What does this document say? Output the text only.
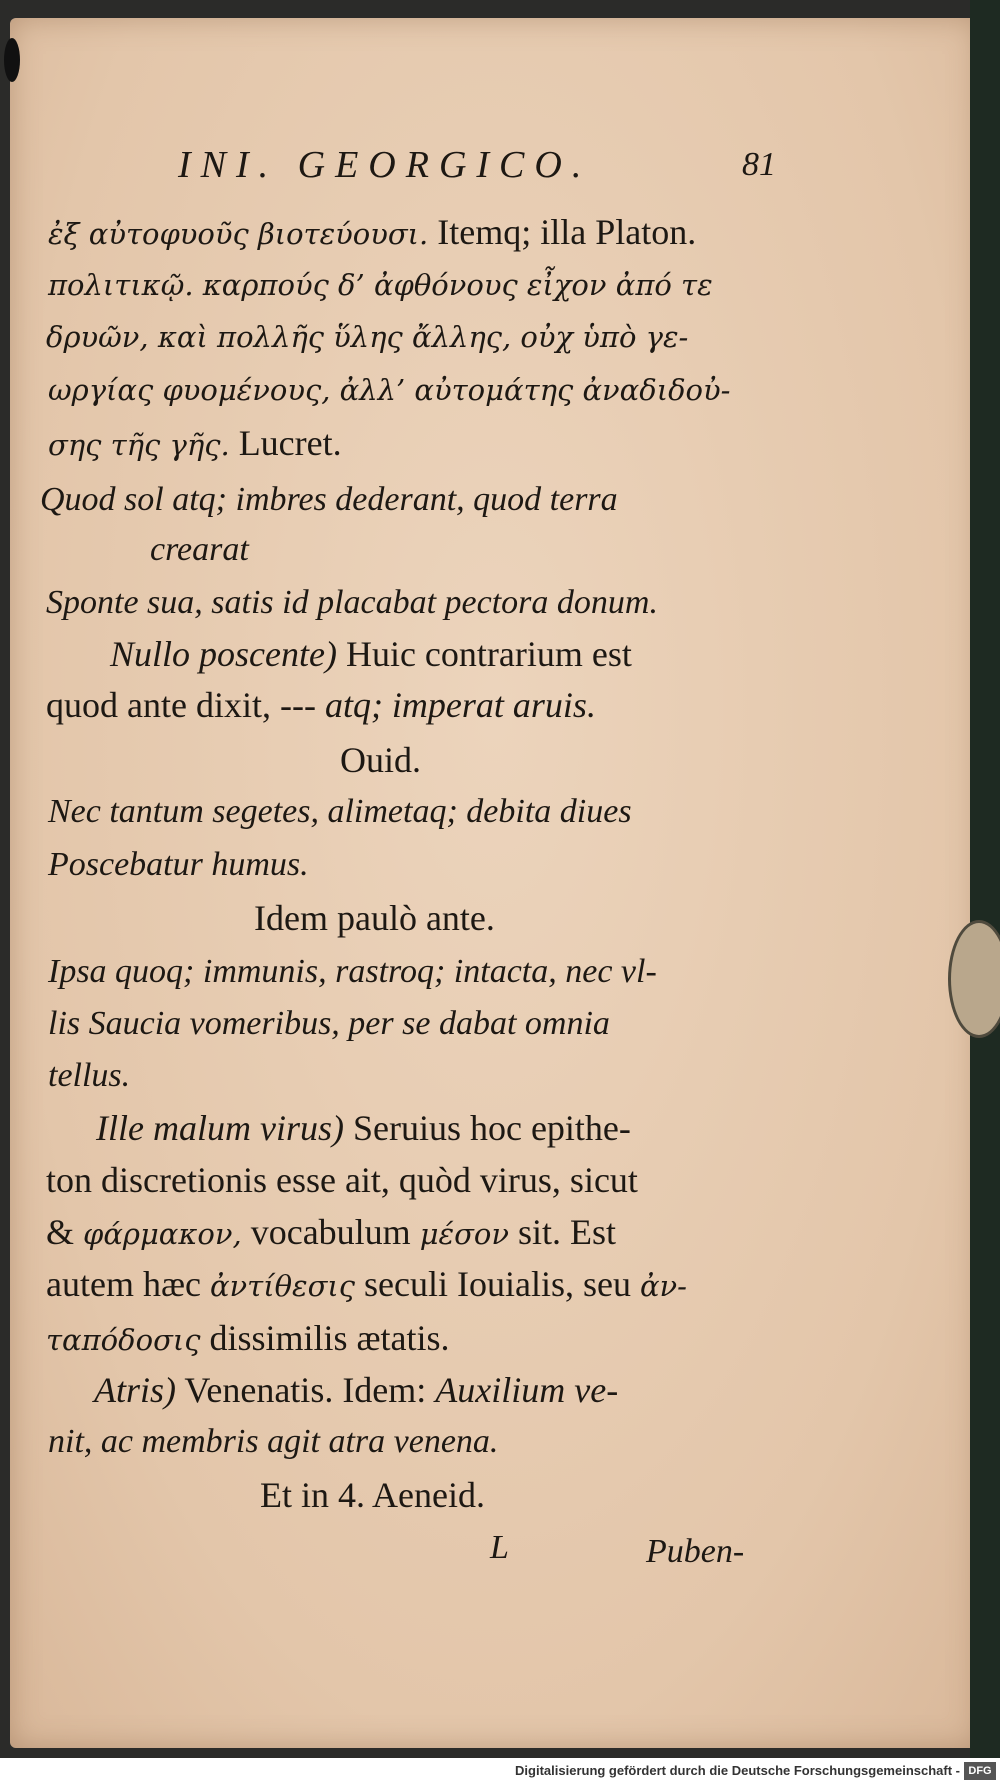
INI. GEORGICO.	81
ἐξ αὐτοφυοῦς βιοτεύουσι. Itemq; illa Platon.
πολιτικῷ. καρπούς δ’ ἀφθόνους εἶχον ἀπό τε
δρυῶν, καὶ πολλῆς ὕλης ἄλλης, οὐχ ὑπὸ γε-
ωργίας φυομένους, ἀλλ’ αὐτομάτης ἀναδιδοὐ-
σης τῆς γῆς. Lucret.
Quod sol atq; imbres dederant, quod terra
crearat
Sponte sua, satis id placabat pectora donum.
Nullo poscente) Huic contrarium est
quod ante dixit, --- atq; imperat aruis.
Ouid.
Nec tantum segetes, alimetaq; debita diues
Poscebatur humus.
Idem paulò ante.
Ipsa quoq; immunis, rastroq; intacta, nec vl-
lis Saucia vomeribus, per se dabat omnia
tellus.
Ille malum virus) Seruius hoc epithe-
ton discretionis esse ait, quòd virus, sicut
& φάρμακον, vocabulum μέσον sit. Est
autem hæc ἀντίθεσις seculi Iouialis, seu ἀν-
ταπόδοσις dissimilis ætatis.
Atris) Venenatis. Idem: Auxilium ve-
nit, ac membris agit atra venena.
Et in 4. Aeneid.
L	Puben-
Digitalisierung gefördert durch die Deutsche Forschungsgemeinschaft - DFG
